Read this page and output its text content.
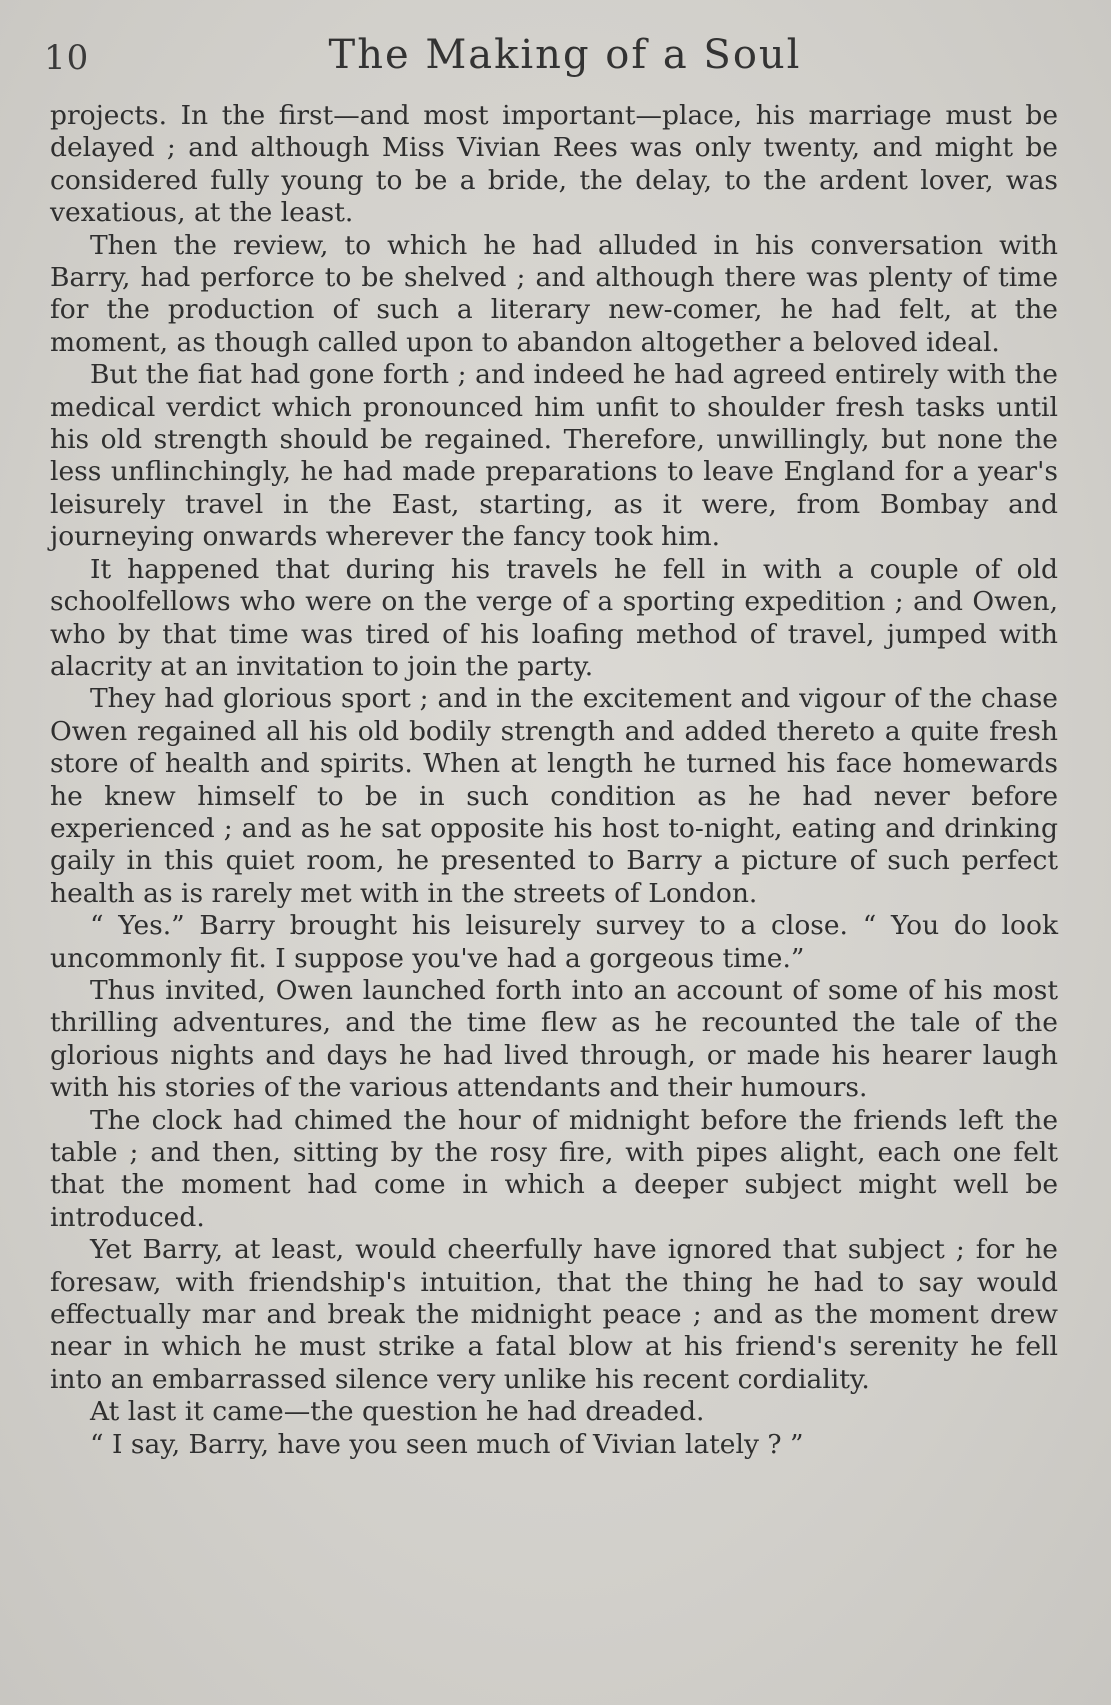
10	The Making of a Soul

projects. In the first—and most important—place, his marriage must be delayed ; and although Miss Vivian Rees was only twenty, and might be considered fully young to be a bride, the delay, to the ardent lover, was vexatious, at the least.

Then the review, to which he had alluded in his conversation with Barry, had perforce to be shelved ; and although there was plenty of time for the production of such a literary new-comer, he had felt, at the moment, as though called upon to abandon altogether a beloved ideal.

But the fiat had gone forth ; and indeed he had agreed entirely with the medical verdict which pronounced him unfit to shoulder fresh tasks until his old strength should be regained. Therefore, unwillingly, but none the less unflinchingly, he had made preparations to leave England for a year's leisurely travel in the East, starting, as it were, from Bombay and journeying onwards wherever the fancy took him.

It happened that during his travels he fell in with a couple of old schoolfellows who were on the verge of a sporting expedition ; and Owen, who by that time was tired of his loafing method of travel, jumped with alacrity at an invitation to join the party.

They had glorious sport ; and in the excitement and vigour of the chase Owen regained all his old bodily strength and added thereto a quite fresh store of health and spirits. When at length he turned his face homewards he knew himself to be in such condition as he had never before experienced ; and as he sat opposite his host to-night, eating and drinking gaily in this quiet room, he presented to Barry a picture of such perfect health as is rarely met with in the streets of London.

“ Yes.” Barry brought his leisurely survey to a close. “ You do look uncommonly fit. I suppose you've had a gorgeous time.”

Thus invited, Owen launched forth into an account of some of his most thrilling adventures, and the time flew as he recounted the tale of the glorious nights and days he had lived through, or made his hearer laugh with his stories of the various attendants and their humours.

The clock had chimed the hour of midnight before the friends left the table ; and then, sitting by the rosy fire, with pipes alight, each one felt that the moment had come in which a deeper subject might well be introduced.

Yet Barry, at least, would cheerfully have ignored that subject ; for he foresaw, with friendship's intuition, that the thing he had to say would effectually mar and break the midnight peace ; and as the moment drew near in which he must strike a fatal blow at his friend's serenity he fell into an embarrassed silence very unlike his recent cordiality.

At last it came—the question he had dreaded.

“ I say, Barry, have you seen much of Vivian lately ? ”
